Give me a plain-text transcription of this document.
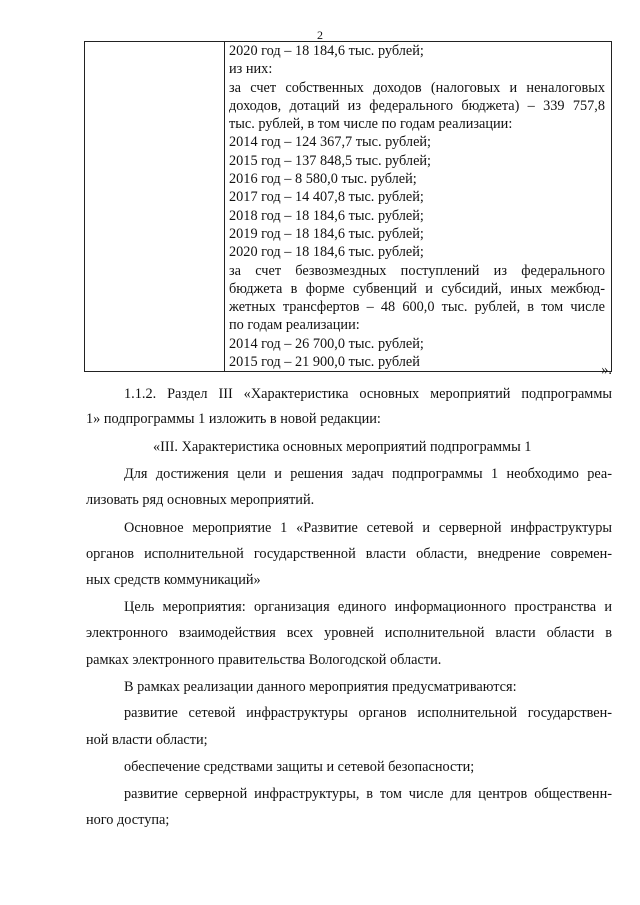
2

2020 год – 18 184,6 тыс. рублей;
из них:
за счет собственных доходов (налоговых и неналоговых
доходов, дотаций из федерального бюджета) – 339 757,8
тыс. рублей, в том числе по годам реализации:
2014 год – 124 367,7 тыс. рублей;
2015 год – 137 848,5 тыс. рублей;
2016 год – 8 580,0 тыс. рублей;
2017 год – 14 407,8 тыс. рублей;
2018 год – 18 184,6 тыс. рублей;
2019 год – 18 184,6 тыс. рублей;
2020 год – 18 184,6 тыс. рублей;
за счет безвозмездных поступлений из федерального
бюджета в форме субвенций и субсидий, иных межбюд-
жетных трансфертов – 48 600,0 тыс. рублей, в том числе
по годам реализации:
2014 год – 26 700,0 тыс. рублей;
2015 год – 21 900,0 тыс. рублей	».
1.1.2. Раздел III «Характеристика основных мероприятий подпрограммы
1» подпрограммы 1 изложить в новой редакции:
«III. Характеристика основных мероприятий подпрограммы 1
Для достижения цели и решения задач подпрограммы 1 необходимо реа-
лизовать ряд основных мероприятий.
Основное мероприятие 1 «Развитие сетевой и серверной инфраструктуры
органов исполнительной государственной власти области, внедрение современ-
ных средств коммуникаций»
Цель мероприятия: организация единого информационного пространства и
электронного взаимодействия всех уровней исполнительной власти области в
рамках электронного правительства Вологодской области.
В рамках реализации данного мероприятия предусматриваются:
развитие сетевой инфраструктуры органов исполнительной государствен-
ной власти области;
обеспечение средствами защиты и сетевой безопасности;
развитие серверной инфраструктуры, в том числе для центров общественн-
ного доступа;
